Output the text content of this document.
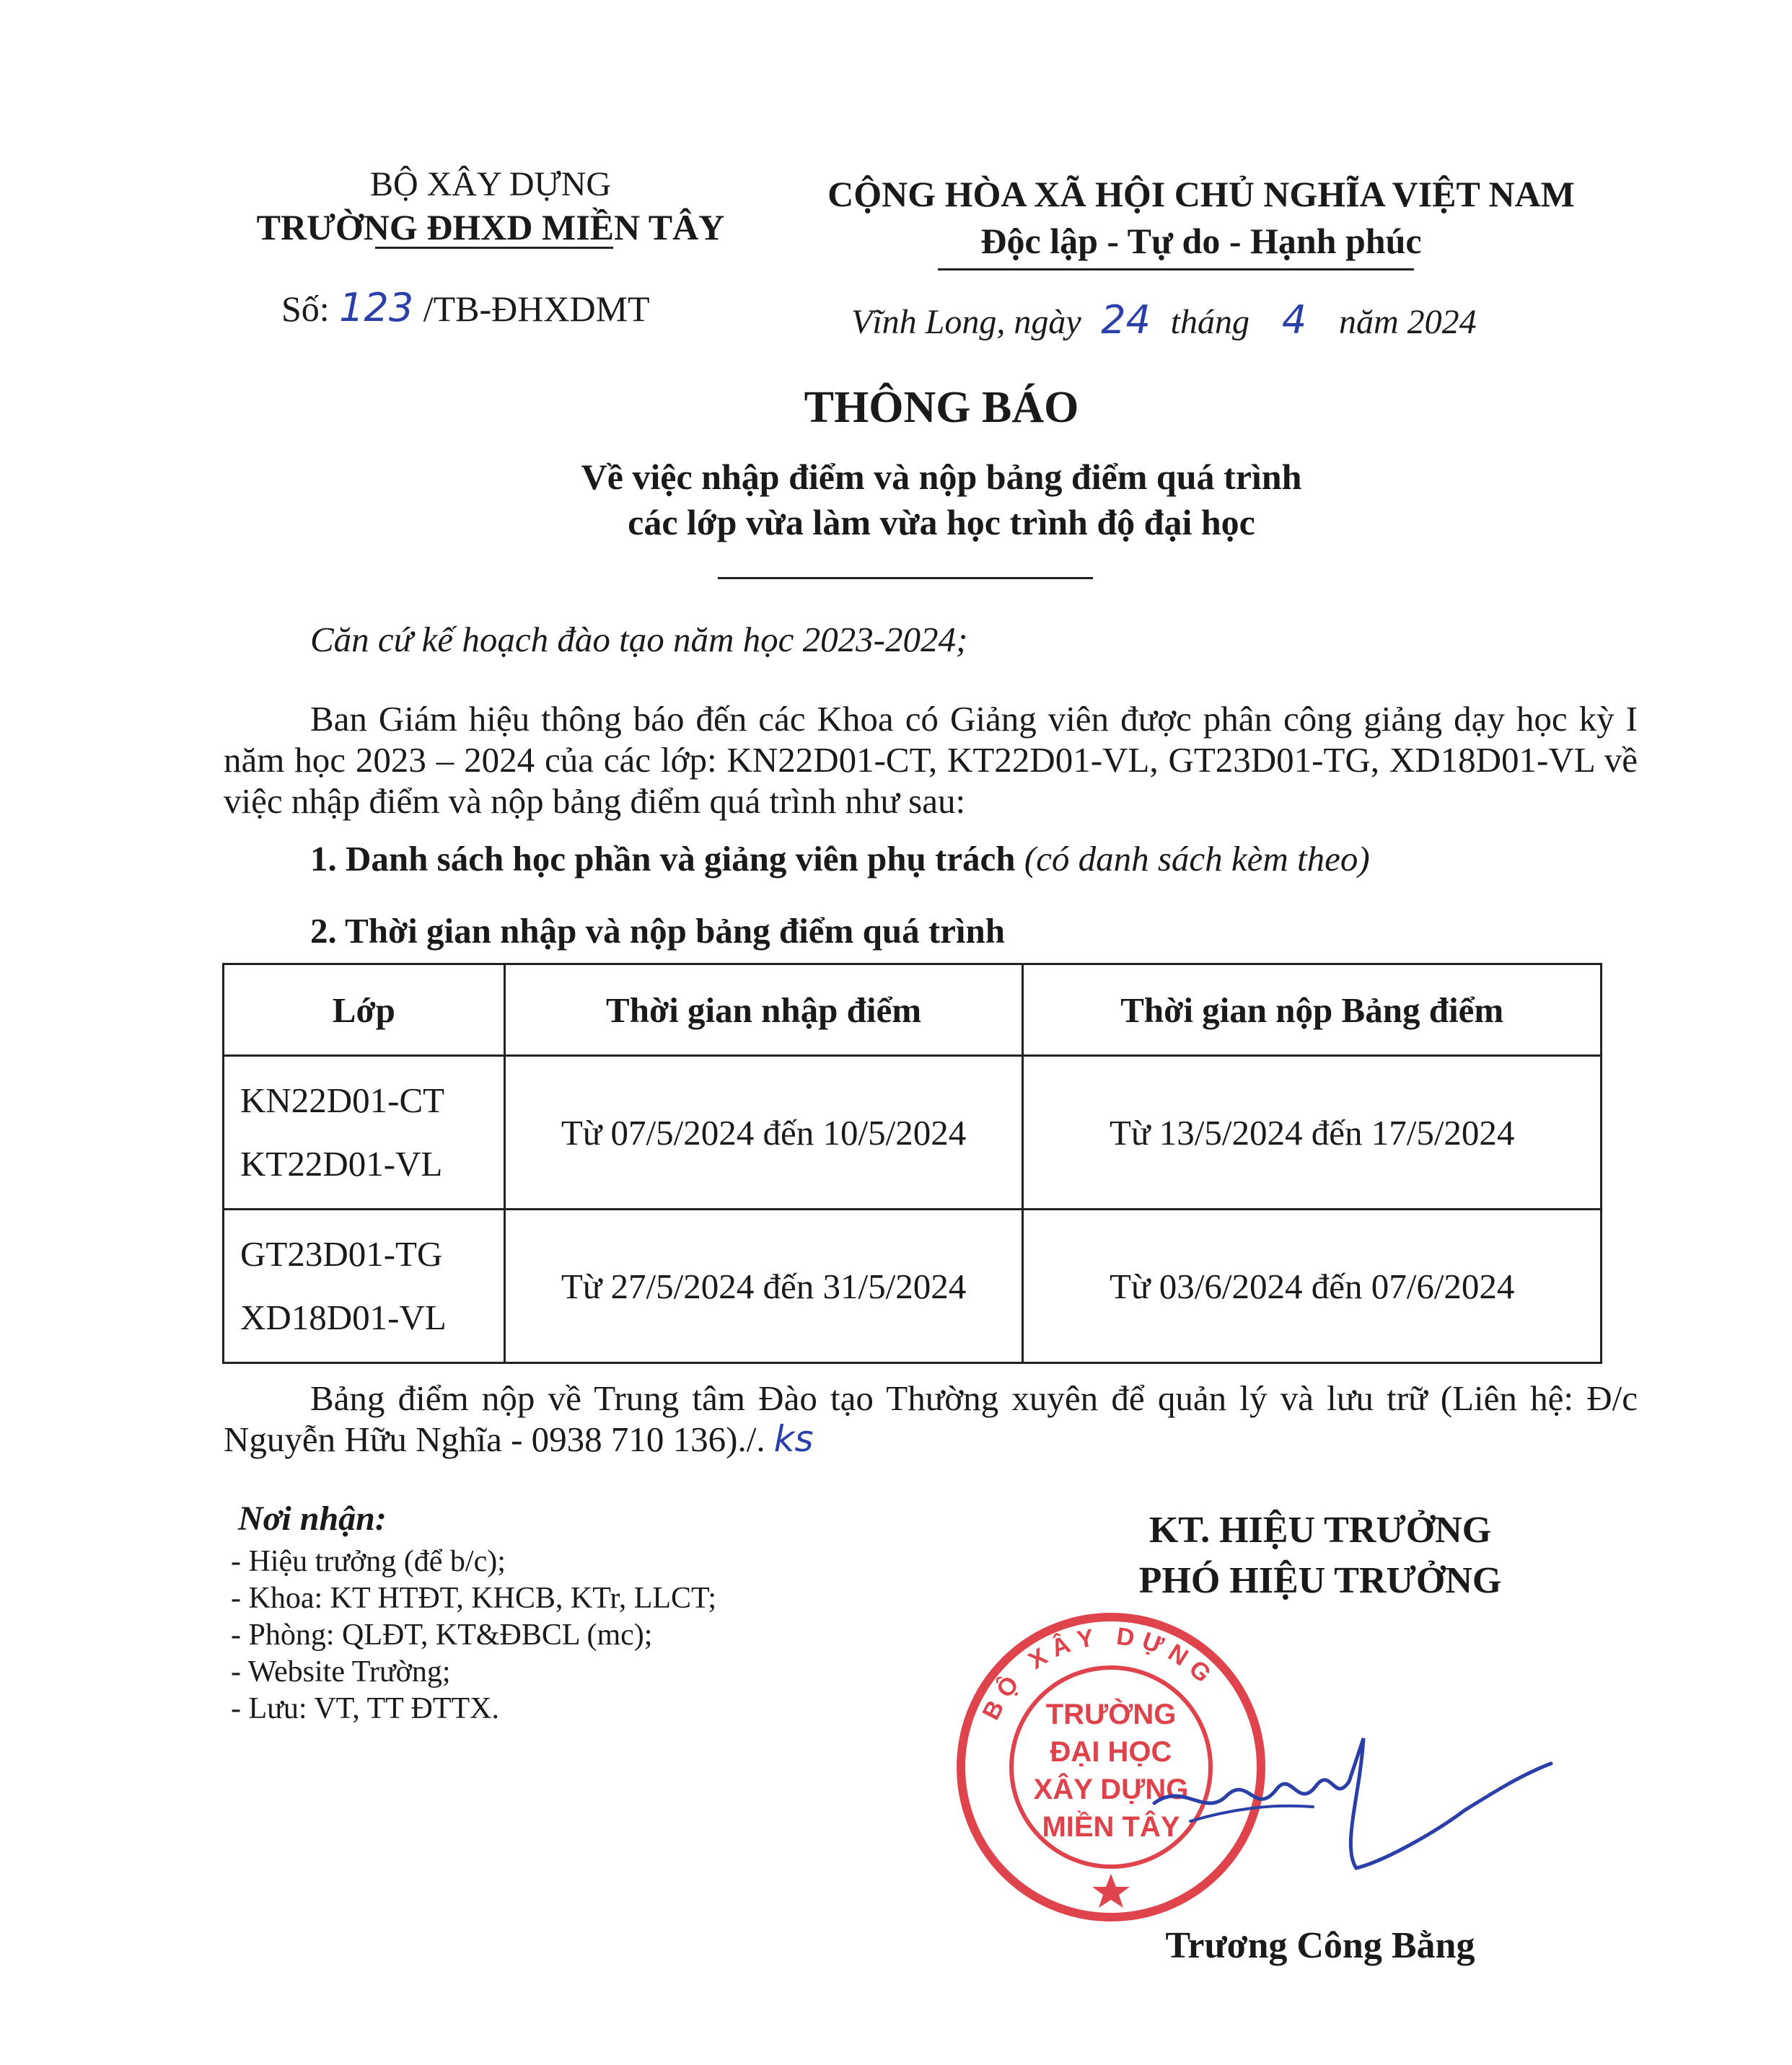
BỘ XÂY DỰNG
TRƯỜNG ĐHXD MIỀN TÂY
Số: 123 /TB-ĐHXDMT
CỘNG HÒA XÃ HỘI CHỦ NGHĨA VIỆT NAM
Độc lập - Tự do - Hạnh phúc
Vĩnh Long, ngày 24 tháng 4 năm 2024
THÔNG BÁO
Về việc nhập điểm và nộp bảng điểm quá trình
các lớp vừa làm vừa học trình độ đại học
Căn cứ kế hoạch đào tạo năm học 2023-2024;
Ban Giám hiệu thông báo đến các Khoa có Giảng viên được phân công giảng dạy học kỳ I năm học 2023 – 2024 của các lớp: KN22D01-CT, KT22D01-VL, GT23D01-TG, XD18D01-VL về việc nhập điểm và nộp bảng điểm quá trình như sau:
1. Danh sách học phần và giảng viên phụ trách (có danh sách kèm theo)
2. Thời gian nhập và nộp bảng điểm quá trình
Lớp	Thời gian nhập điểm	Thời gian nộp Bảng điểm

KN22D01-CT
KT22D01-VL	Từ 07/5/2024 đến 10/5/2024	Từ 13/5/2024 đến 17/5/2024

GT23D01-TG
XD18D01-VL	Từ 27/5/2024 đến 31/5/2024	Từ 03/6/2024 đến 07/6/2024
Bảng điểm nộp về Trung tâm Đào tạo Thường xuyên để quản lý và lưu trữ (Liên hệ: Đ/c Nguyễn Hữu Nghĩa - 0938 710 136)./. ks
Nơi nhận:
- Hiệu trưởng (để b/c);
- Khoa: KT HTĐT, KHCB, KTr, LLCT;
- Phòng: QLĐT, KT&ĐBCL (mc);
- Website Trường;
- Lưu: VT, TT ĐTTX.
KT. HIỆU TRƯỞNG
PHÓ HIỆU TRƯỞNG
BỘ XÂY DỰNG
TRƯỜNG
ĐẠI HỌC
XÂY DỰNG
MIỀN TÂY
Trương Công Bằng
